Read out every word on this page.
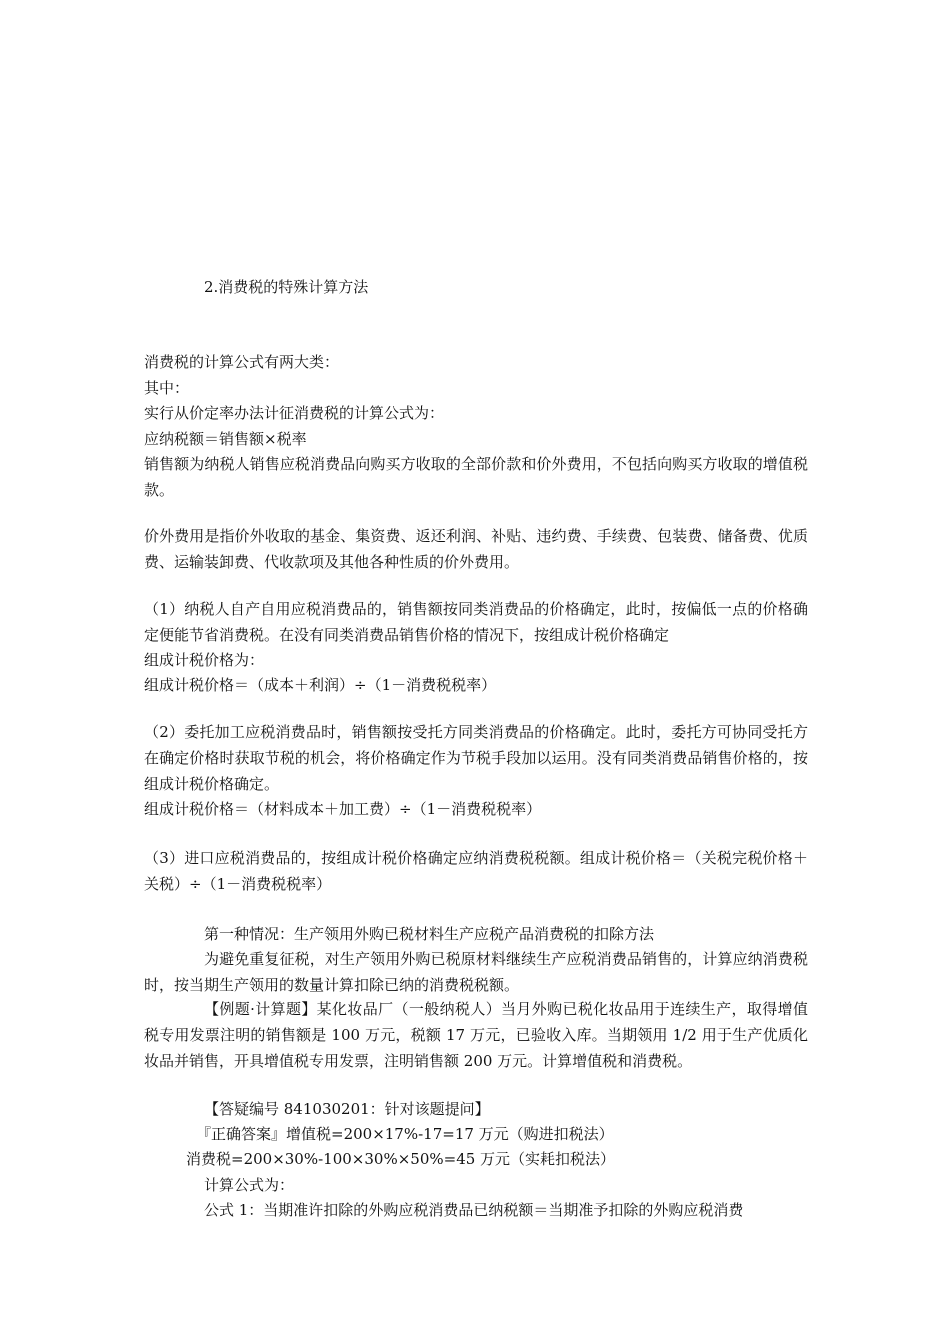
2.消费税的特殊计算方法
消费税的计算公式有两大类：
其中：
实行从价定率办法计征消费税的计算公式为：
应纳税额＝销售额×税率
销售额为纳税人销售应税消费品向购买方收取的全部价款和价外费用，不包括向购买方收取的增值税款。
价外费用是指价外收取的基金、集资费、返还利润、补贴、违约费、手续费、包装费、储备费、优质费、运输装卸费、代收款项及其他各种性质的价外费用。
（1）纳税人自产自用应税消费品的，销售额按同类消费品的价格确定，此时，按偏低一点的价格确定便能节省消费税。在没有同类消费品销售价格的情况下，按组成计税价格确定
组成计税价格为：
组成计税价格＝（成本＋利润）÷（1－消费税税率）
（2）委托加工应税消费品时，销售额按受托方同类消费品的价格确定。此时，委托方可协同受托方在确定价格时获取节税的机会，将价格确定作为节税手段加以运用。没有同类消费品销售价格的，按组成计税价格确定。
组成计税价格＝（材料成本＋加工费）÷（1－消费税税率）
（3）进口应税消费品的，按组成计税价格确定应纳消费税税额。组成计税价格＝（关税完税价格＋关税）÷（1－消费税税率）
第一种情况：生产领用外购已税材料生产应税产品消费税的扣除方法
为避免重复征税，对生产领用外购已税原材料继续生产应税消费品销售的，计算应纳消费税时，按当期生产领用的数量计算扣除已纳的消费税税额。
【例题·计算题】某化妆品厂（一般纳税人）当月外购已税化妆品用于连续生产，取得增值税专用发票注明的销售额是 100 万元，税额 17 万元，已验收入库。当期领用 1/2 用于生产优质化妆品并销售，开具增值税专用发票，注明销售额 200 万元。计算增值税和消费税。
【答疑编号 841030201：针对该题提问】
『正确答案』增值税=200×17%-17=17 万元（购进扣税法）
消费税=200×30%-100×30%×50%=45 万元（实耗扣税法）
计算公式为：
公式 1：当期准许扣除的外购应税消费品已纳税额＝当期准予扣除的外购应税消费
